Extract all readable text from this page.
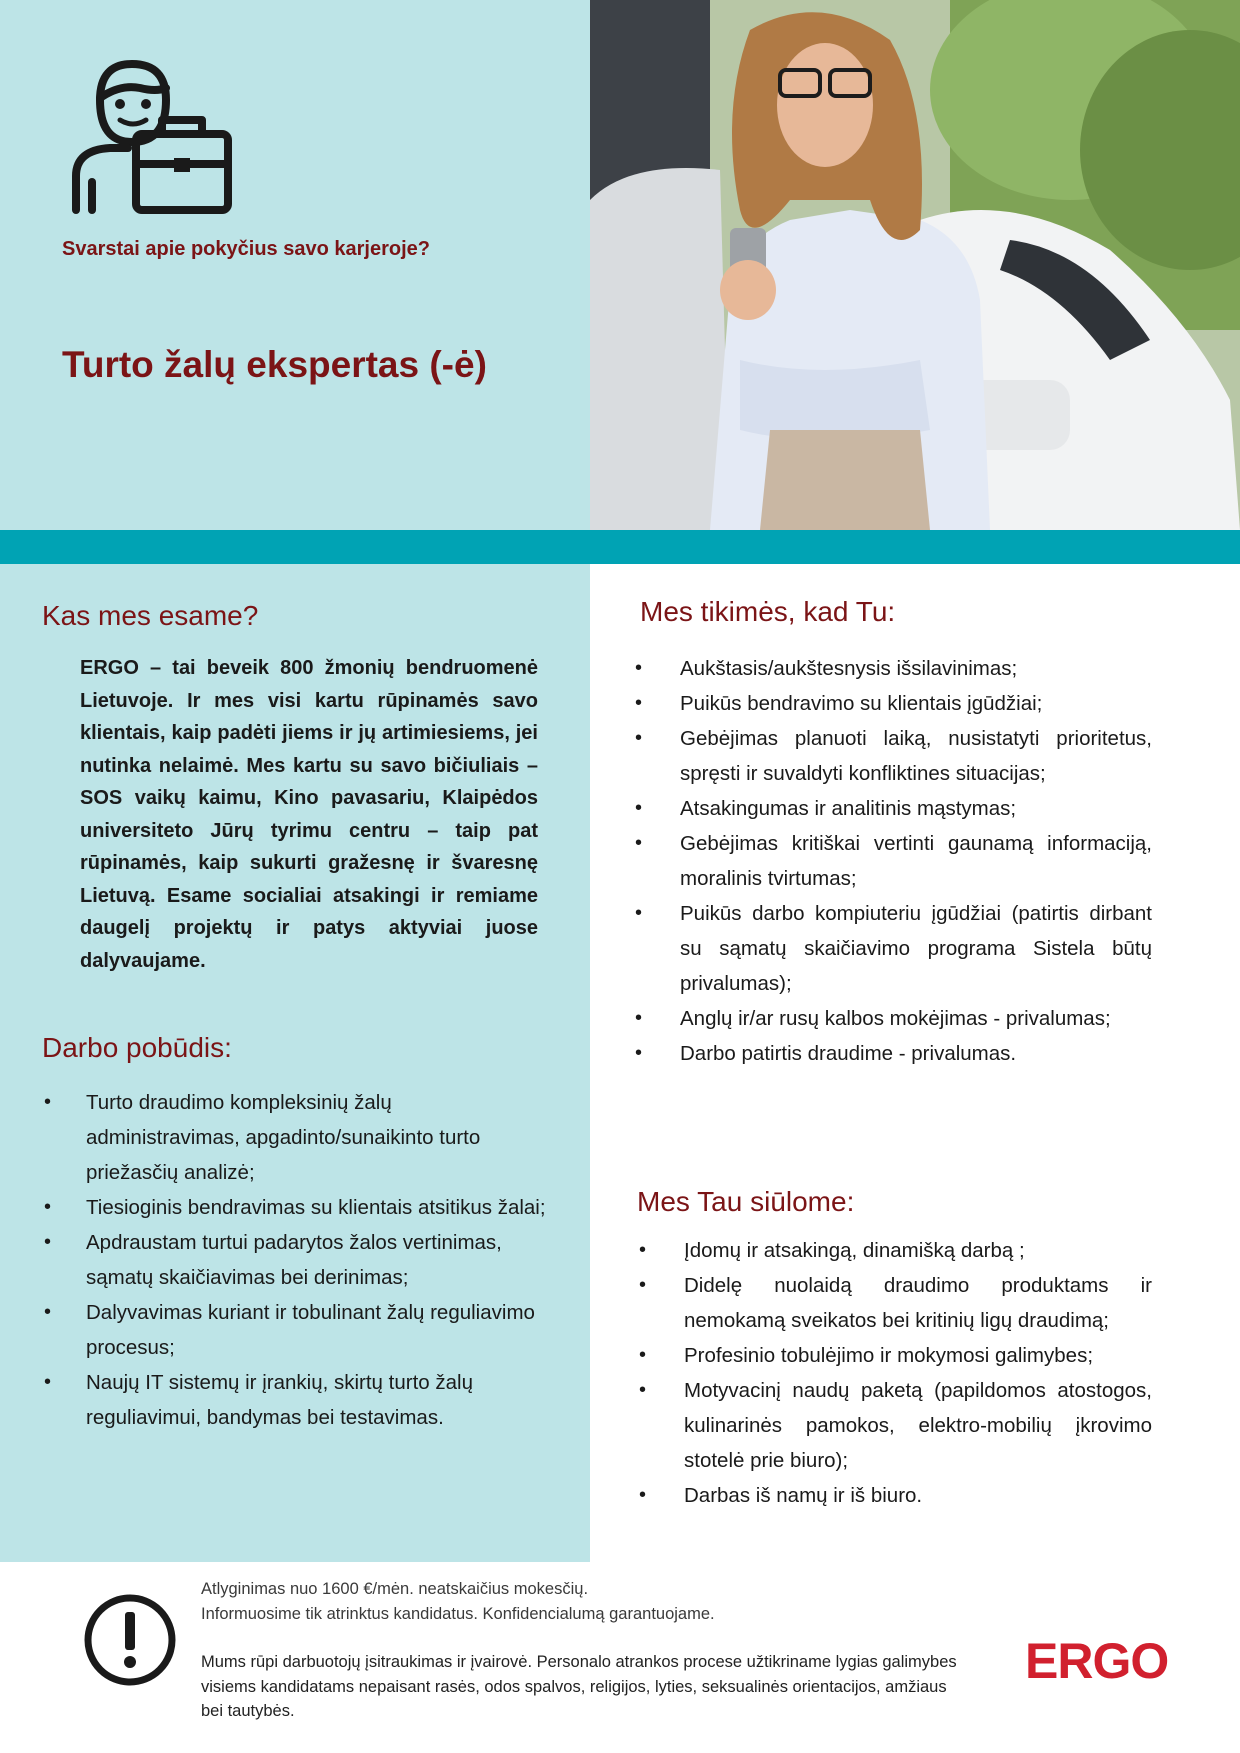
Svarstai apie pokyčius savo karjeroje?
Turto žalų ekspertas (-ė)
Kas mes esame?
ERGO – tai beveik 800 žmonių bendruomenė Lietuvoje. Ir mes visi kartu rūpinamės savo klientais, kaip padėti jiems ir jų artimiesiems, jei nutinka nelaimė. Mes kartu su savo bičiuliais – SOS vaikų kaimu, Kino pavasariu, Klaipėdos universiteto Jūrų tyrimu centru – taip pat rūpinamės, kaip sukurti gražesnę ir švaresnę Lietuvą. Esame socialiai atsakingi ir remiame daugelį projektų ir patys aktyviai juose dalyvaujame.
Darbo pobūdis:
• Turto draudimo kompleksinių žalų administravimas, apgadinto/sunaikinto turto priežasčių analizė;
• Tiesioginis bendravimas su klientais atsitikus žalai;
• Apdraustam turtui padarytos žalos vertinimas, sąmatų skaičiavimas bei derinimas;
• Dalyvavimas kuriant ir tobulinant žalų reguliavimo procesus;
• Naujų IT sistemų ir įrankių, skirtų turto žalų reguliavimui, bandymas bei testavimas.
Mes tikimės, kad Tu:
• Aukštasis/aukštesnysis išsilavinimas;
• Puikūs bendravimo su klientais įgūdžiai;
• Gebėjimas planuoti laiką, nusistatyti prioritetus, spręsti ir suvaldyti konfliktines situacijas;
• Atsakingumas ir analitinis mąstymas;
• Gebėjimas kritiškai vertinti gaunamą informaciją, moralinis tvirtumas;
• Puikūs darbo kompiuteriu įgūdžiai (patirtis dirbant su sąmatų skaičiavimo programa Sistela būtų privalumas);
• Anglų ir/ar rusų kalbos mokėjimas - privalumas;
• Darbo patirtis draudime - privalumas.
Mes Tau siūlome:
• Įdomų ir atsakingą, dinamišką darbą ;
• Didelę nuolaidą draudimo produktams ir nemokamą sveikatos bei kritinių ligų draudimą;
• Profesinio tobulėjimo ir mokymosi galimybes;
• Motyvacinį naudų paketą (papildomos atostogos, kulinarinės pamokos, elektro-mobilių įkrovimo stotelė prie biuro);
• Darbas iš namų ir iš biuro.

Atlyginimas nuo 1600 €/mėn. neatskaičius mokesčių.

Informuosime tik atrinktus kandidatus. Konfidencialumą garantuojame.

Mums rūpi darbuotojų įsitraukimas ir įvairovė. Personalo atrankos procese užtikriname lygias galimybes visiems kandidatams nepaisant rasės, odos spalvos, religijos, lyties, seksualinės orientacijos, amžiaus bei tautybės.

ERGO
